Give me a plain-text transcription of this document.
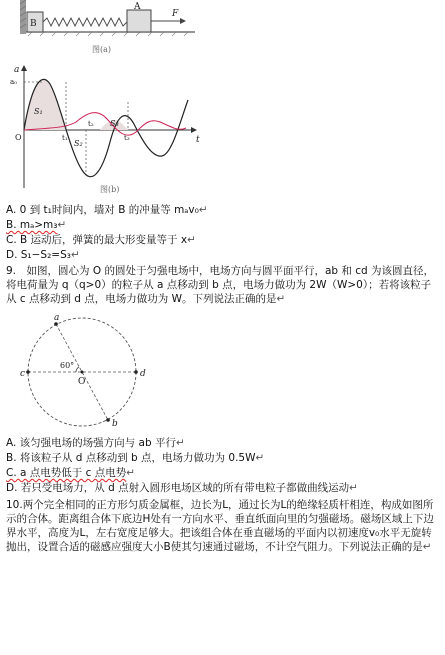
B
A
F
图(a)
a
t
O
a₀
S₁
S₂
S₃
t₁
t₂
t₃
图(b)
A. 0 到 t₁时间内，墙对 B 的冲量等 mₐv₀↵
B. mₐ>m₃↵
C. B 运动后，弹簧的最大形变量等于 x↵
D. S₁−S₂=S₃↵
9.　如图，圆心为 O 的圆处于匀强电场中，电场方向与圆平面平行，ab 和 cd 为该圆直径，将电荷量为 q（q>0）的粒子从 a 点移动到 b 点，电场力做功为 2W（W>0）；若将该粒子从 c 点移动到 d 点，电场力做功为 W。下列说法正确的是↵
a
b
c	d
O
60°
A. 该匀强电场的场强方向与 ab 平行↵
B. 将该粒子从 d 点移动到 b 点，电场力做功为 0.5W↵
C. a 点电势低于 c 点电势↵
D. 若只受电场力，从 d 点射入圆形电场区域的所有带电粒子都做曲线运动↵
10.两个完全相同的正方形匀质金属框，边长为L，通过长为L的绝缘轻质杆相连，构成如图所示的合体。距离组合体下底边H处有一方向水平、垂直纸面向里的匀强磁场。磁场区域上下边界水平，高度为L，左右宽度足够大。把该组合体在垂直磁场的平面内以初速度v₀水平无旋转抛出，设置合适的磁感应强度大小B使其匀速通过磁场，不计空气阻力。下列说法正确的是↵
